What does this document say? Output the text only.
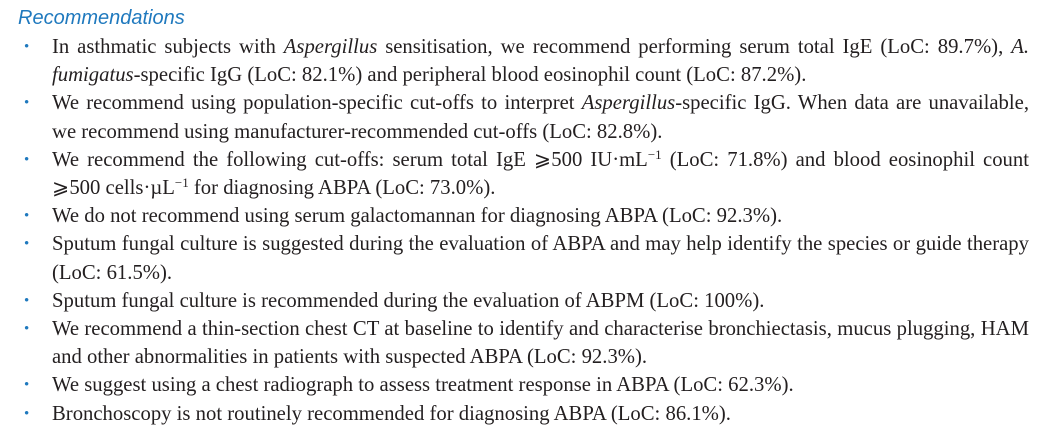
Recommendations
• In asthmatic subjects with Aspergillus sensitisation, we recommend performing serum total IgE (LoC: 89.7%), A. fumigatus-specific IgG (LoC: 82.1%) and peripheral blood eosinophil count (LoC: 87.2%).
• We recommend using population-specific cut-offs to interpret Aspergillus-specific IgG. When data are unavailable, we recommend using manufacturer-recommended cut-offs (LoC: 82.8%).
• We recommend the following cut-offs: serum total IgE ⩾500 $IU\cdot mL^{-1}$ (LoC: 71.8%) and blood eosinophil count ⩾500 cells·µL$^{-1}$ for diagnosing ABPA (LoC: 73.0%).
• We do not recommend using serum galactomannan for diagnosing ABPA (LoC: 92.3%).
• Sputum fungal culture is suggested during the evaluation of ABPA and may help identify the species or guide therapy (LoC: 61.5%).
• Sputum fungal culture is recommended during the evaluation of ABPM (LoC: 100%).
• We recommend a thin-section chest CT at baseline to identify and characterise bronchiectasis, mucus plugging, HAM and other abnormalities in patients with suspected ABPA (LoC: 92.3%).
• We suggest using a chest radiograph to assess treatment response in ABPA (LoC: 62.3%).
• Bronchoscopy is not routinely recommended for diagnosing ABPA (LoC: 86.1%).
